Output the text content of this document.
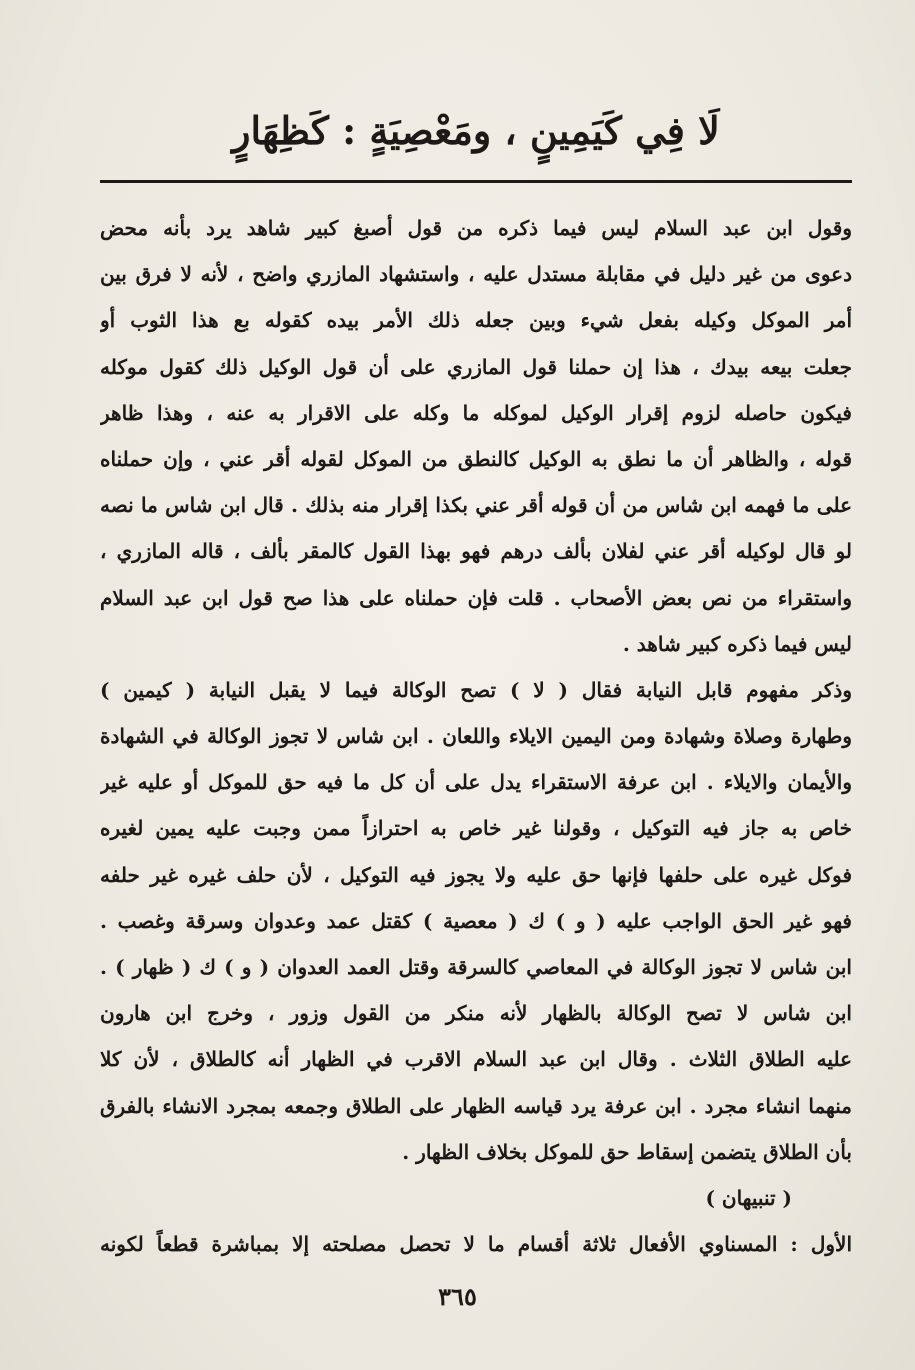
لَا فِي كَيَمِينٍ ، ومَعْصِيَةٍ : كَظِهَارٍ
وقول ابن عبد السلام ليس فيما ذكره من قول أصبغ كبير شاهد يرد بأنه محض
دعوى من غير دليل في مقابلة مستدل عليه ، واستشهاد المازري واضح ، لأنه لا فرق بين
أمر الموكل وكيله بفعل شيء وبين جعله ذلك الأمر بيده كقوله بع هذا الثوب أو
جعلت بيعه بيدك ، هذا إن حملنا قول المازري على أن قول الوكيل ذلك كقول موكله
فيكون حاصله لزوم إقرار الوكيل لموكله ما وكله على الاقرار به عنه ، وهذا ظاهر
قوله ، والظاهر أن ما نطق به الوكيل كالنطق من الموكل لقوله أقر عني ، وإن حملناه
على ما فهمه ابن شاس من أن قوله أقر عني بكذا إقرار منه بذلك . قال ابن شاس ما نصه
لو قال لوكيله أقر عني لفلان بألف درهم فهو بهذا القول كالمقر بألف ، قاله المازري ،
واستقراء من نص بعض الأصحاب . قلت فإن حملناه على هذا صح قول ابن عبد السلام
ليس فيما ذكره كبير شاهد .
وذكر مفهوم قابل النيابة فقال ( لا ) تصح الوكالة فيما لا يقبل النيابة ( كيمين )
وطهارة وصلاة وشهادة ومن اليمين الايلاء واللعان . ابن شاس لا تجوز الوكالة في الشهادة
والأيمان والايلاء . ابن عرفة الاستقراء يدل على أن كل ما فيه حق للموكل أو عليه غير
خاص به جاز فيه التوكيل ، وقولنا غير خاص به احترازاً ممن وجبت عليه يمين لغيره
فوكل غيره على حلفها فإنها حق عليه ولا يجوز فيه التوكيل ، لأن حلف غيره غير حلفه
فهو غير الحق الواجب عليه ( و ) ك ( معصية ) كقتل عمد وعدوان وسرقة وغصب .
ابن شاس لا تجوز الوكالة في المعاصي كالسرقة وقتل العمد العدوان ( و ) ك ( ظهار ) .
ابن شاس لا تصح الوكالة بالظهار لأنه منكر من القول وزور ، وخرج ابن هارون
عليه الطلاق الثلاث . وقال ابن عبد السلام الاقرب في الظهار أنه كالطلاق ، لأن كلا
منهما انشاء مجرد . ابن عرفة يرد قياسه الظهار على الطلاق وجمعه بمجرد الانشاء بالفرق
بأن الطلاق يتضمن إسقاط حق للموكل بخلاف الظهار .
( تنبيهان )
الأول : المسناوي الأفعال ثلاثة أقسام ما لا تحصل مصلحته إلا بمباشرة قطعاً لكونه
٣٦٥
